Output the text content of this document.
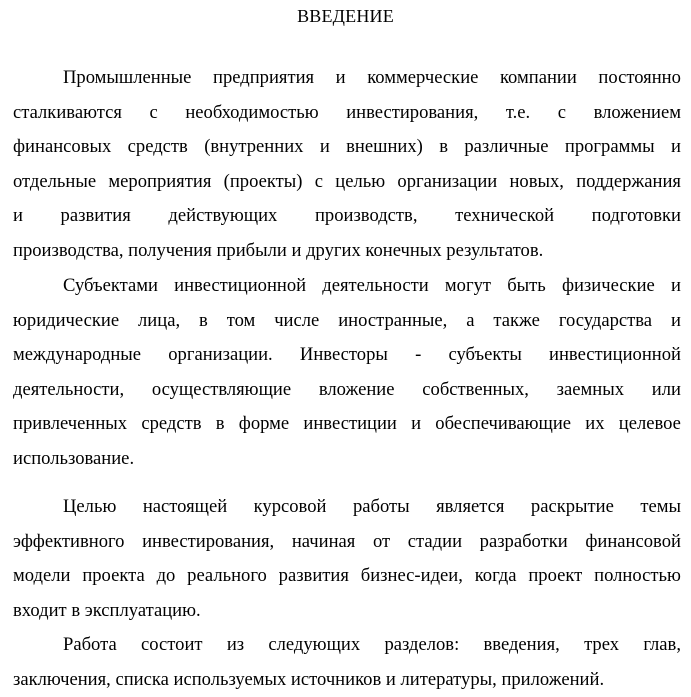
ВВЕДЕНИЕ
Промышленные предприятия и коммерческие компании постоянно
сталкиваются с необходимостью инвестирования, т.е. с вложением
финансовых средств (внутренних и внешних) в различные программы и
отдельные мероприятия (проекты) с целью организации новых, поддержания
и развития действующих производств, технической подготовки
производства, получения прибыли и других конечных результатов.
Субъектами инвестиционной деятельности могут быть физические и
юридические лица, в том числе иностранные, а также государства и
международные организации. Инвесторы - субъекты инвестиционной
деятельности, осуществляющие вложение собственных, заемных или
привлеченных средств в форме инвестиции и обеспечивающие их целевое
использование.
Целью настоящей курсовой работы является раскрытие темы
эффективного инвестирования, начиная от стадии разработки финансовой
модели проекта до реального развития бизнес-идеи, когда проект полностью
входит в эксплуатацию.
Работа состоит из следующих разделов: введения, трех глав,
заключения, списка используемых источников и литературы, приложений.
